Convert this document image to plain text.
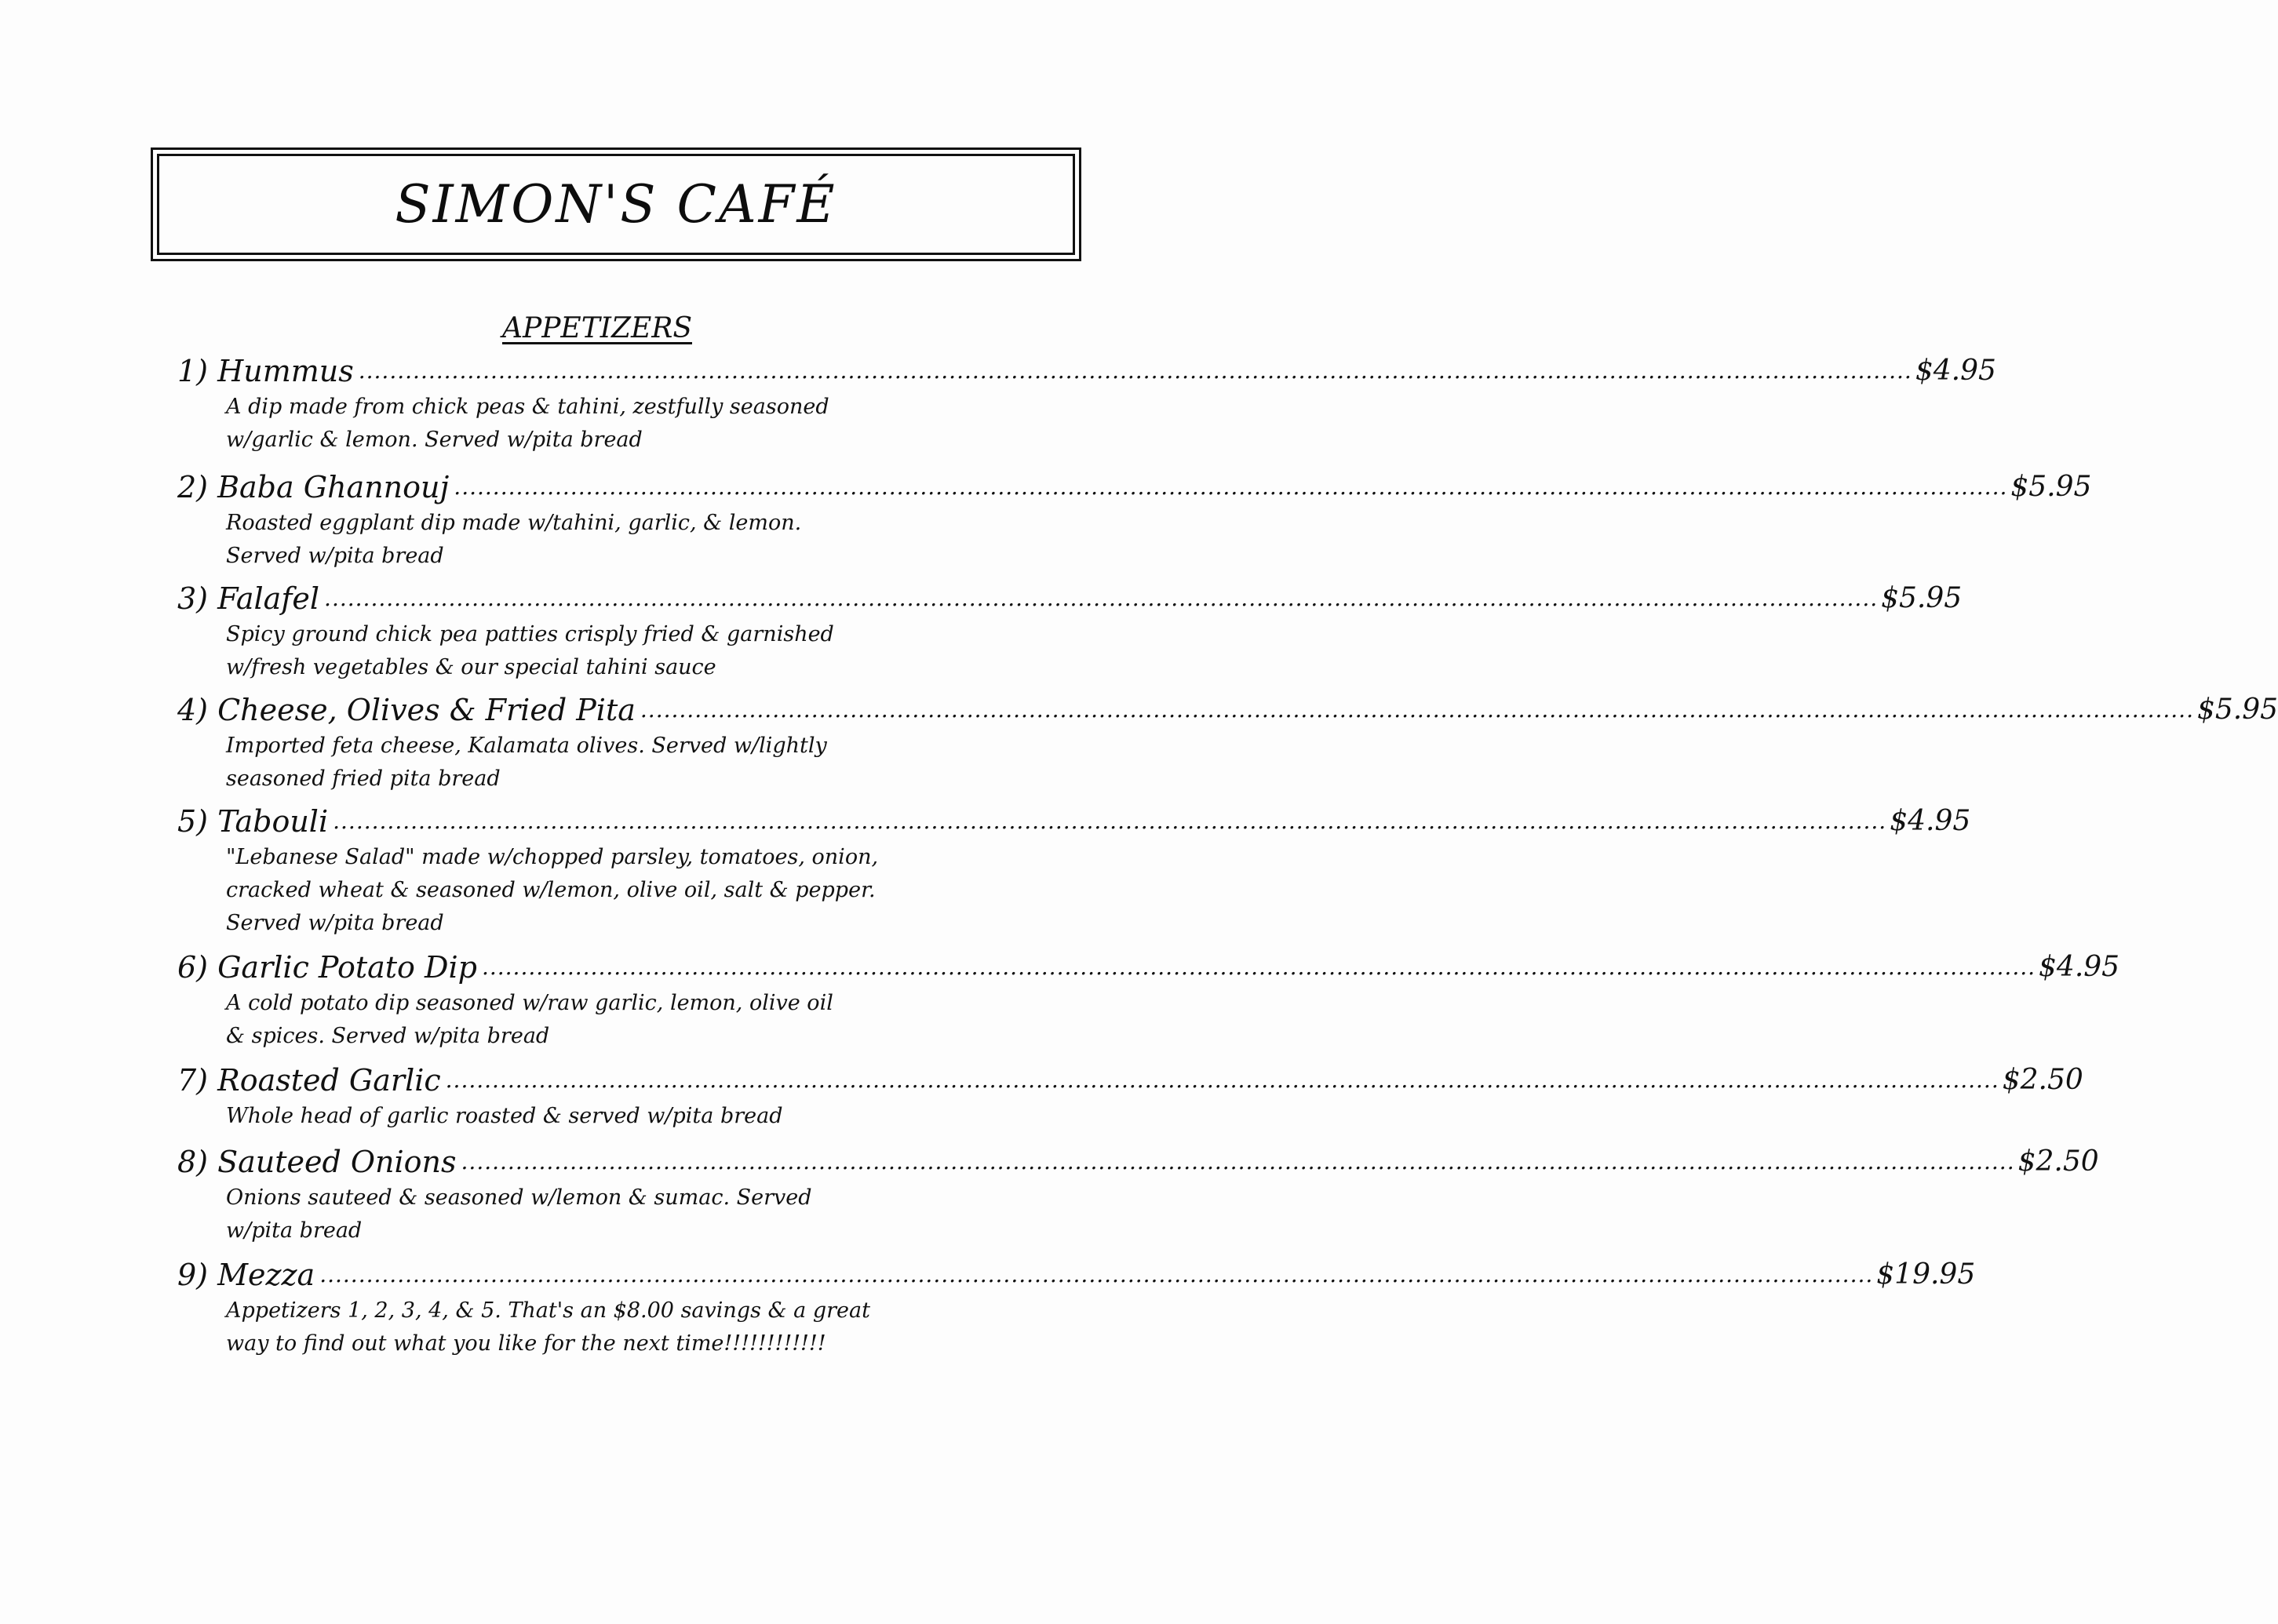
SIMON'S CAFÉ
APPETIZERS
1) Hummus ........................................................................................................................................................................................................ $4.95
A dip made from chick peas & tahini, zestfully seasoned
w/garlic & lemon. Served w/pita bread
2) Baba Ghannouj ........................................................................................................................................................................................................ $5.95
Roasted eggplant dip made w/tahini, garlic, & lemon.
Served w/pita bread
3) Falafel ........................................................................................................................................................................................................ $5.95
Spicy ground chick pea patties crisply fried & garnished
w/fresh vegetables & our special tahini sauce
4) Cheese, Olives & Fried Pita ........................................................................................................................................................................................................ $5.95
Imported feta cheese, Kalamata olives. Served w/lightly
seasoned fried pita bread
5) Tabouli ........................................................................................................................................................................................................ $4.95
"Lebanese Salad" made w/chopped parsley, tomatoes, onion,
cracked wheat & seasoned w/lemon, olive oil, salt & pepper.
Served w/pita bread
6) Garlic Potato Dip ........................................................................................................................................................................................................ $4.95
A cold potato dip seasoned w/raw garlic, lemon, olive oil
& spices. Served w/pita bread
7) Roasted Garlic ........................................................................................................................................................................................................ $2.50
Whole head of garlic roasted & served w/pita bread
8) Sauteed Onions ........................................................................................................................................................................................................ $2.50
Onions sauteed & seasoned w/lemon & sumac. Served
w/pita bread
9) Mezza ........................................................................................................................................................................................................ $19.95
Appetizers 1, 2, 3, 4, & 5. That's an $8.00 savings & a great
way to find out what you like for the next time!!!!!!!!!!!!
